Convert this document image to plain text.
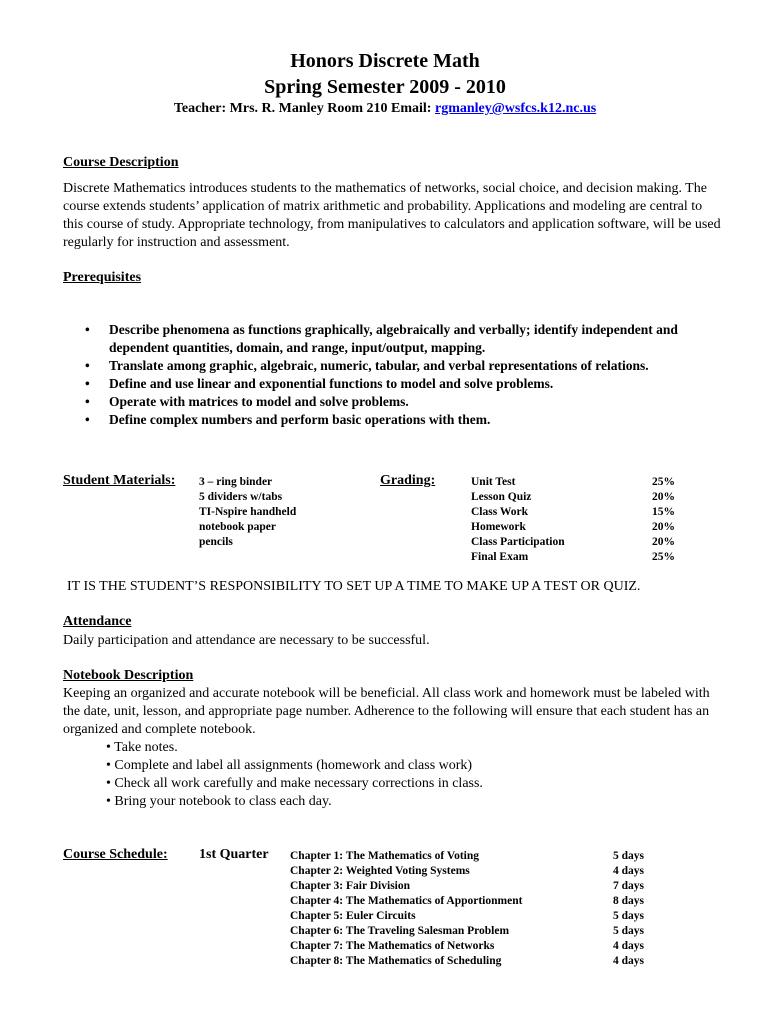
Honors Discrete Math
Spring Semester 2009 - 2010
Teacher: Mrs. R. Manley Room 210 Email: rgmanley@wsfcs.k12.nc.us
Course Description
Discrete Mathematics introduces students to the mathematics of networks, social choice, and decision making. The course extends students’ application of matrix arithmetic and probability. Applications and modeling are central to this course of study. Appropriate technology, from manipulatives to calculators and application software, will be used regularly for instruction and assessment.
Prerequisites
• Describe phenomena as functions graphically, algebraically and verbally; identify independent and dependent quantities, domain, and range, input/output, mapping.
• Translate among graphic, algebraic, numeric, tabular, and verbal representations of relations.
• Define and use linear and exponential functions to model and solve problems.
• Operate with matrices to model and solve problems.
• Define complex numbers and perform basic operations with them.
Student Materials: 3 – ring binder
5 dividers w/tabs
TI-Nspire handheld
notebook paper
pencils
Grading:	Unit Test
Lesson Quiz
Class Work
Homework
Class Participation
Final Exam
25%
20%
15%
20%
20%
25%
IT IS THE STUDENT’S RESPONSIBILITY TO SET UP A TIME TO MAKE UP A TEST OR QUIZ.
Attendance
Daily participation and attendance are necessary to be successful.
Notebook Description
Keeping an organized and accurate notebook will be beneficial. All class work and homework must be labeled with the date, unit, lesson, and appropriate page number. Adherence to the following will ensure that each student has an organized and complete notebook.
• Take notes.
• Complete and label all assignments (homework and class work)
• Check all work carefully and make necessary corrections in class.
• Bring your notebook to class each day.
Course Schedule: 1st Quarter Chapter 1: The Mathematics of Voting
Chapter 2: Weighted Voting Systems
Chapter 3: Fair Division
Chapter 4: The Mathematics of Apportionment
Chapter 5: Euler Circuits
Chapter 6: The Traveling Salesman Problem
Chapter 7: The Mathematics of Networks
Chapter 8: The Mathematics of Scheduling
5 days
4 days
7 days
8 days
5 days
5 days
4 days
4 days
